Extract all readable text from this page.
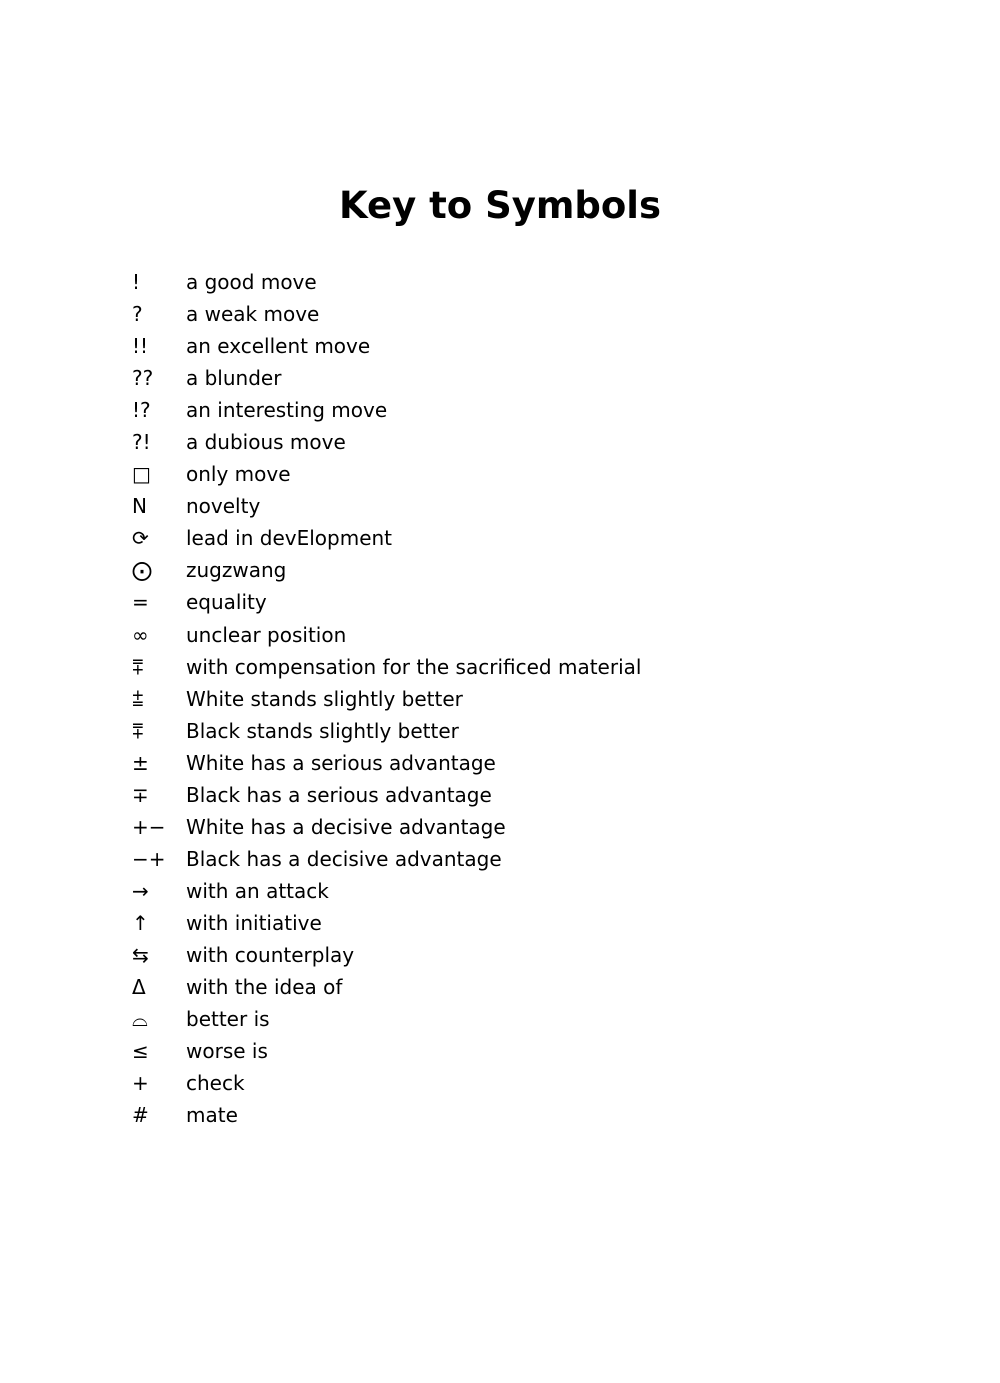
Key to Symbols
!	a good move
?	a weak move
!!	an excellent move
??	a blunder
!?	an interesting move
?!	a dubious move
□	only move
N	novelty
⟳	lead in devElopment
⨀	zugzwang
=	equality
∞	unclear position
⩱	with compensation for the sacrificed material
⩲	White stands slightly better
⩱	Black stands slightly better
±	White has a serious advantage
∓	Black has a serious advantage
+−	White has a decisive advantage
−+	Black has a decisive advantage
→	with an attack
↑	with initiative
⇆	with counterplay
Δ	with the idea of
⌓	better is
≤	worse is
+	check
#	mate
